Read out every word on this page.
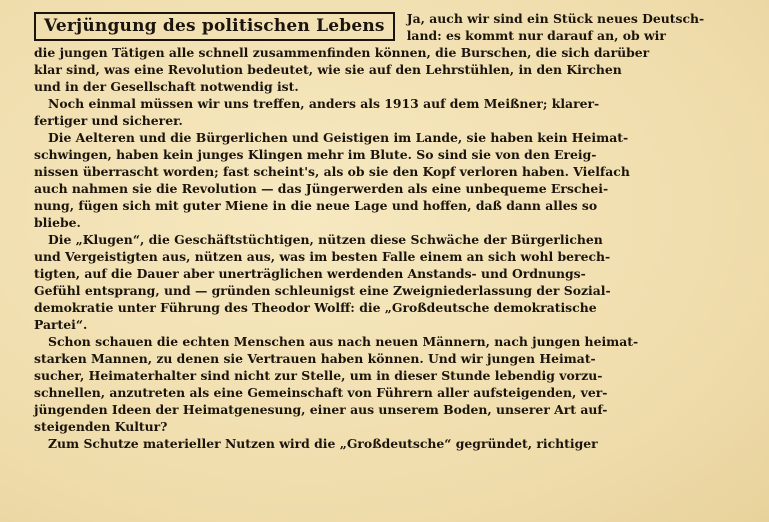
Verjüngung des politischen Lebens	Ja, auch wir sind ein Stück neues Deutsch-
land: es kommt nur darauf an, ob wir
die jungen Tätigen alle schnell zusammenfinden können, die Burschen, die sich darüber
klar sind, was eine Revolution bedeutet, wie sie auf den Lehrstühlen, in den Kirchen
und in der Gesellschaft notwendig ist.
Noch einmal müssen wir uns treffen, anders als 1913 auf dem Meißner; klarer-
fertiger und sicherer.
Die Aelteren und die Bürgerlichen und Geistigen im Lande, sie haben kein Heimat-
schwingen, haben kein junges Klingen mehr im Blute. So sind sie von den Ereig-
nissen überrascht worden; fast scheint's, als ob sie den Kopf verloren haben. Vielfach
auch nahmen sie die Revolution — das Jüngerwerden als eine unbequeme Erschei-
nung, fügen sich mit guter Miene in die neue Lage und hoffen, daß dann alles so
bliebe.
Die „Klugen“, die Geschäftstüchtigen, nützen diese Schwäche der Bürgerlichen
und Vergeistigten aus, nützen aus, was im besten Falle einem an sich wohl berech-
tigten, auf die Dauer aber unerträglichen werdenden Anstands- und Ordnungs-
Gefühl entsprang, und — gründen schleunigst eine Zweigniederlassung der Sozial-
demokratie unter Führung des Theodor Wolff: die „Großdeutsche demokratische
Partei“.
Schon schauen die echten Menschen aus nach neuen Männern, nach jungen heimat-
starken Mannen, zu denen sie Vertrauen haben können. Und wir jungen Heimat-
sucher, Heimaterhalter sind nicht zur Stelle, um in dieser Stunde lebendig vorzu-
schnellen, anzutreten als eine Gemeinschaft von Führern aller aufsteigenden, ver-
jüngenden Ideen der Heimatgenesung, einer aus unserem Boden, unserer Art auf-
steigenden Kultur?
Zum Schutze materieller Nutzen wird die „Großdeutsche“ gegründet, richtiger
